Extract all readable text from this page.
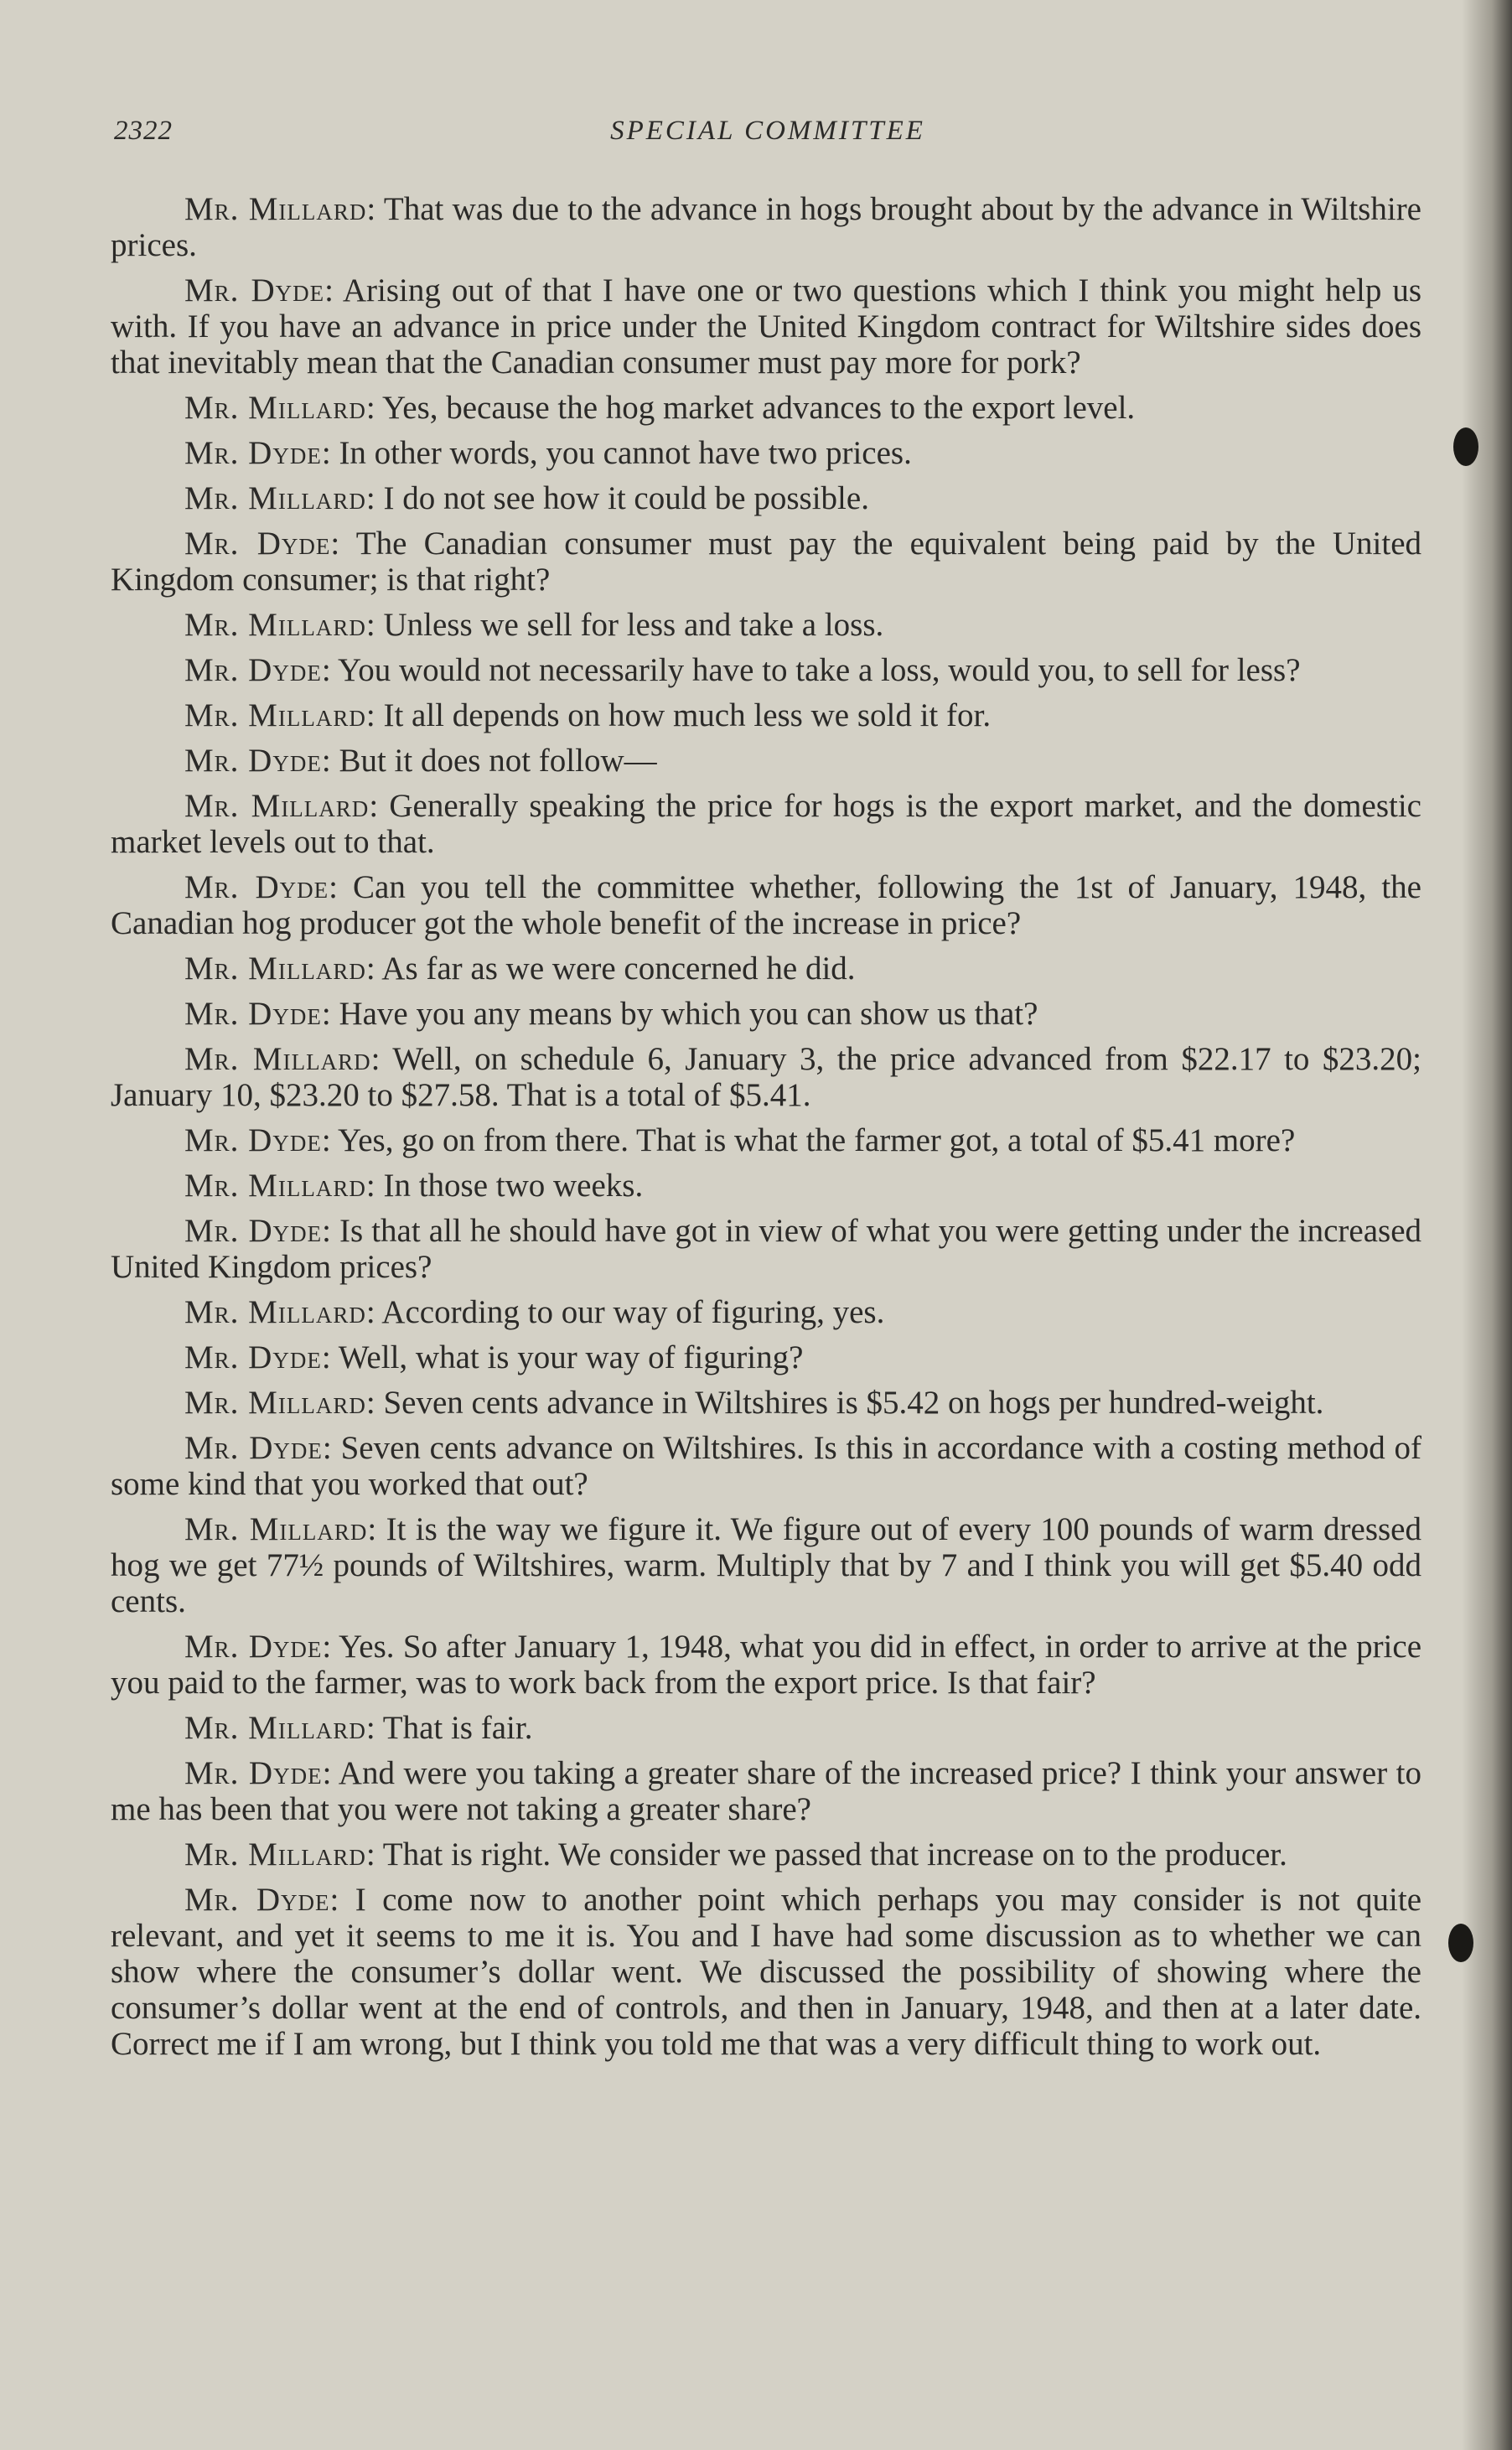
2322	SPECIAL COMMITTEE

Mr. Millard: That was due to the advance in hogs brought about by the advance in Wiltshire prices.

Mr. Dyde: Arising out of that I have one or two questions which I think you might help us with. If you have an advance in price under the United Kingdom contract for Wiltshire sides does that inevitably mean that the Canadian consumer must pay more for pork?

Mr. Millard: Yes, because the hog market advances to the export level.

Mr. Dyde: In other words, you cannot have two prices.

Mr. Millard: I do not see how it could be possible.

Mr. Dyde: The Canadian consumer must pay the equivalent being paid by the United Kingdom consumer; is that right?

Mr. Millard: Unless we sell for less and take a loss.

Mr. Dyde: You would not necessarily have to take a loss, would you, to sell for less?

Mr. Millard: It all depends on how much less we sold it for.

Mr. Dyde: But it does not follow—

Mr. Millard: Generally speaking the price for hogs is the export market, and the domestic market levels out to that.

Mr. Dyde: Can you tell the committee whether, following the 1st of January, 1948, the Canadian hog producer got the whole benefit of the increase in price?

Mr. Millard: As far as we were concerned he did.

Mr. Dyde: Have you any means by which you can show us that?

Mr. Millard: Well, on schedule 6, January 3, the price advanced from $22.17 to $23.20; January 10, $23.20 to $27.58. That is a total of $5.41.

Mr. Dyde: Yes, go on from there. That is what the farmer got, a total of $5.41 more?

Mr. Millard: In those two weeks.

Mr. Dyde: Is that all he should have got in view of what you were getting under the increased United Kingdom prices?

Mr. Millard: According to our way of figuring, yes.

Mr. Dyde: Well, what is your way of figuring?

Mr. Millard: Seven cents advance in Wiltshires is $5.42 on hogs per hundred-weight.

Mr. Dyde: Seven cents advance on Wiltshires. Is this in accordance with a costing method of some kind that you worked that out?

Mr. Millard: It is the way we figure it. We figure out of every 100 pounds of warm dressed hog we get 77½ pounds of Wiltshires, warm. Multiply that by 7 and I think you will get $5.40 odd cents.

Mr. Dyde: Yes. So after January 1, 1948, what you did in effect, in order to arrive at the price you paid to the farmer, was to work back from the export price. Is that fair?

Mr. Millard: That is fair.

Mr. Dyde: And were you taking a greater share of the increased price? I think your answer to me has been that you were not taking a greater share?

Mr. Millard: That is right. We consider we passed that increase on to the producer.

Mr. Dyde: I come now to another point which perhaps you may consider is not quite relevant, and yet it seems to me it is. You and I have had some discussion as to whether we can show where the consumer’s dollar went. We discussed the possibility of showing where the consumer’s dollar went at the end of controls, and then in January, 1948, and then at a later date. Correct me if I am wrong, but I think you told me that was a very difficult thing to work out.
